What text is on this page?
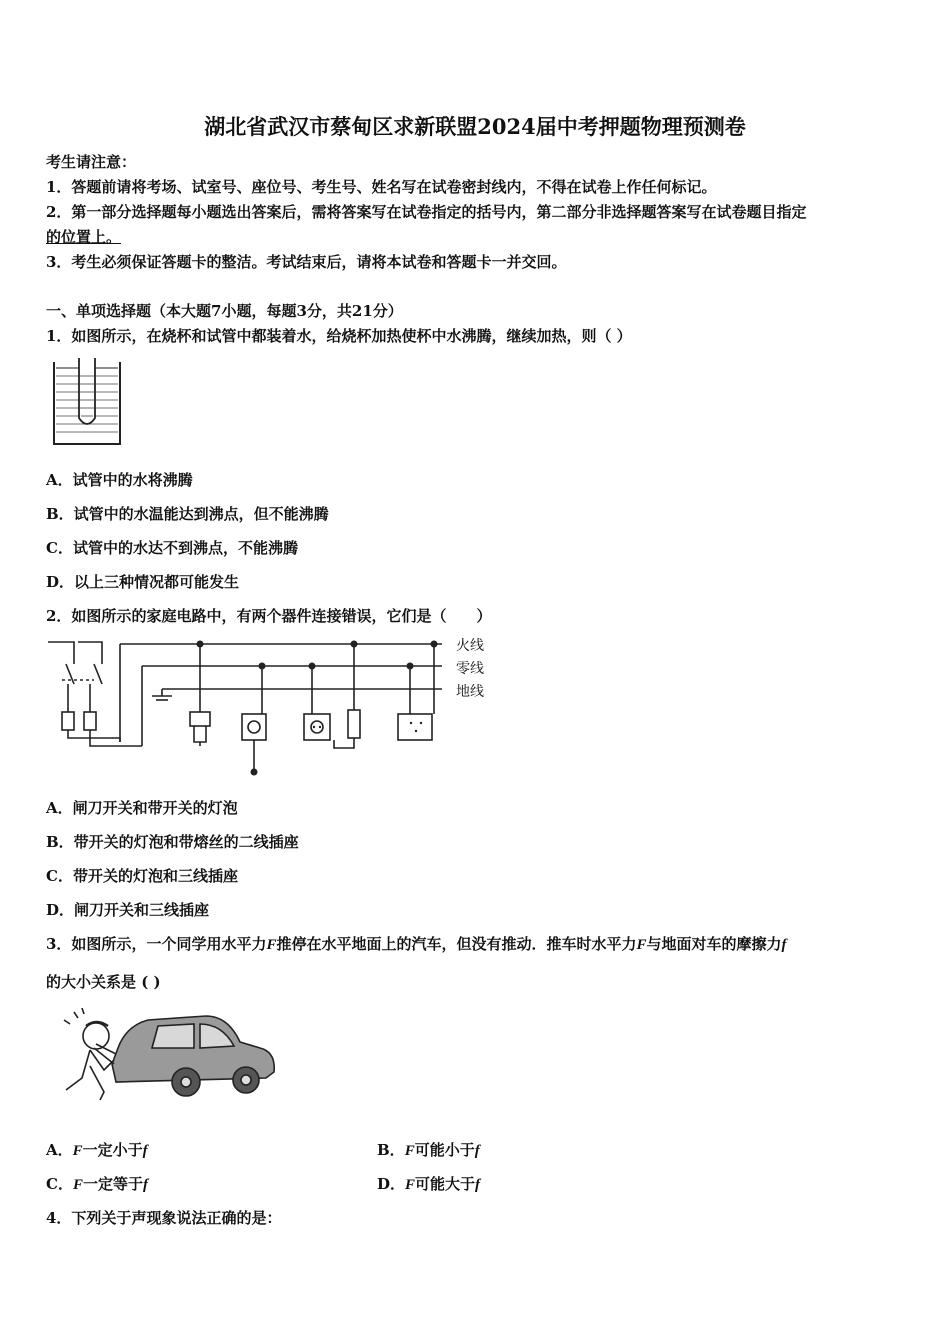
湖北省武汉市蔡甸区求新联盟2024届中考押题物理预测卷
考生请注意：
1．答题前请将考场、试室号、座位号、考生号、姓名写在试卷密封线内，不得在试卷上作任何标记。
2．第一部分选择题每小题选出答案后，需将答案写在试卷指定的括号内，第二部分非选择题答案写在试卷题目指定
的位置上。
3．考生必须保证答题卡的整洁。考试结束后，请将本试卷和答题卡一并交回。
一、单项选择题（本大题7小题，每题3分，共21分）
1．如图所示，在烧杯和试管中都装着水，给烧杯加热使杯中水沸腾，继续加热，则（ ）
A．试管中的水将沸腾
B．试管中的水温能达到沸点，但不能沸腾
C．试管中的水达不到沸点，不能沸腾
D．以上三种情况都可能发生
2．如图所示的家庭电路中，有两个器件连接错误，它们是（　　）
火线
零线
地线
A．闸刀开关和带开关的灯泡
B．带开关的灯泡和带熔丝的二线插座
C．带开关的灯泡和三线插座
D．闸刀开关和三线插座
3．如图所示，一个同学用水平力F推停在水平地面上的汽车，但没有推动．推车时水平力F与地面对车的摩擦力f
的大小关系是 ( )
A．F一定小于f	B．F可能小于f
C．F一定等于f	D．F可能大于f
4．下列关于声现象说法正确的是：
